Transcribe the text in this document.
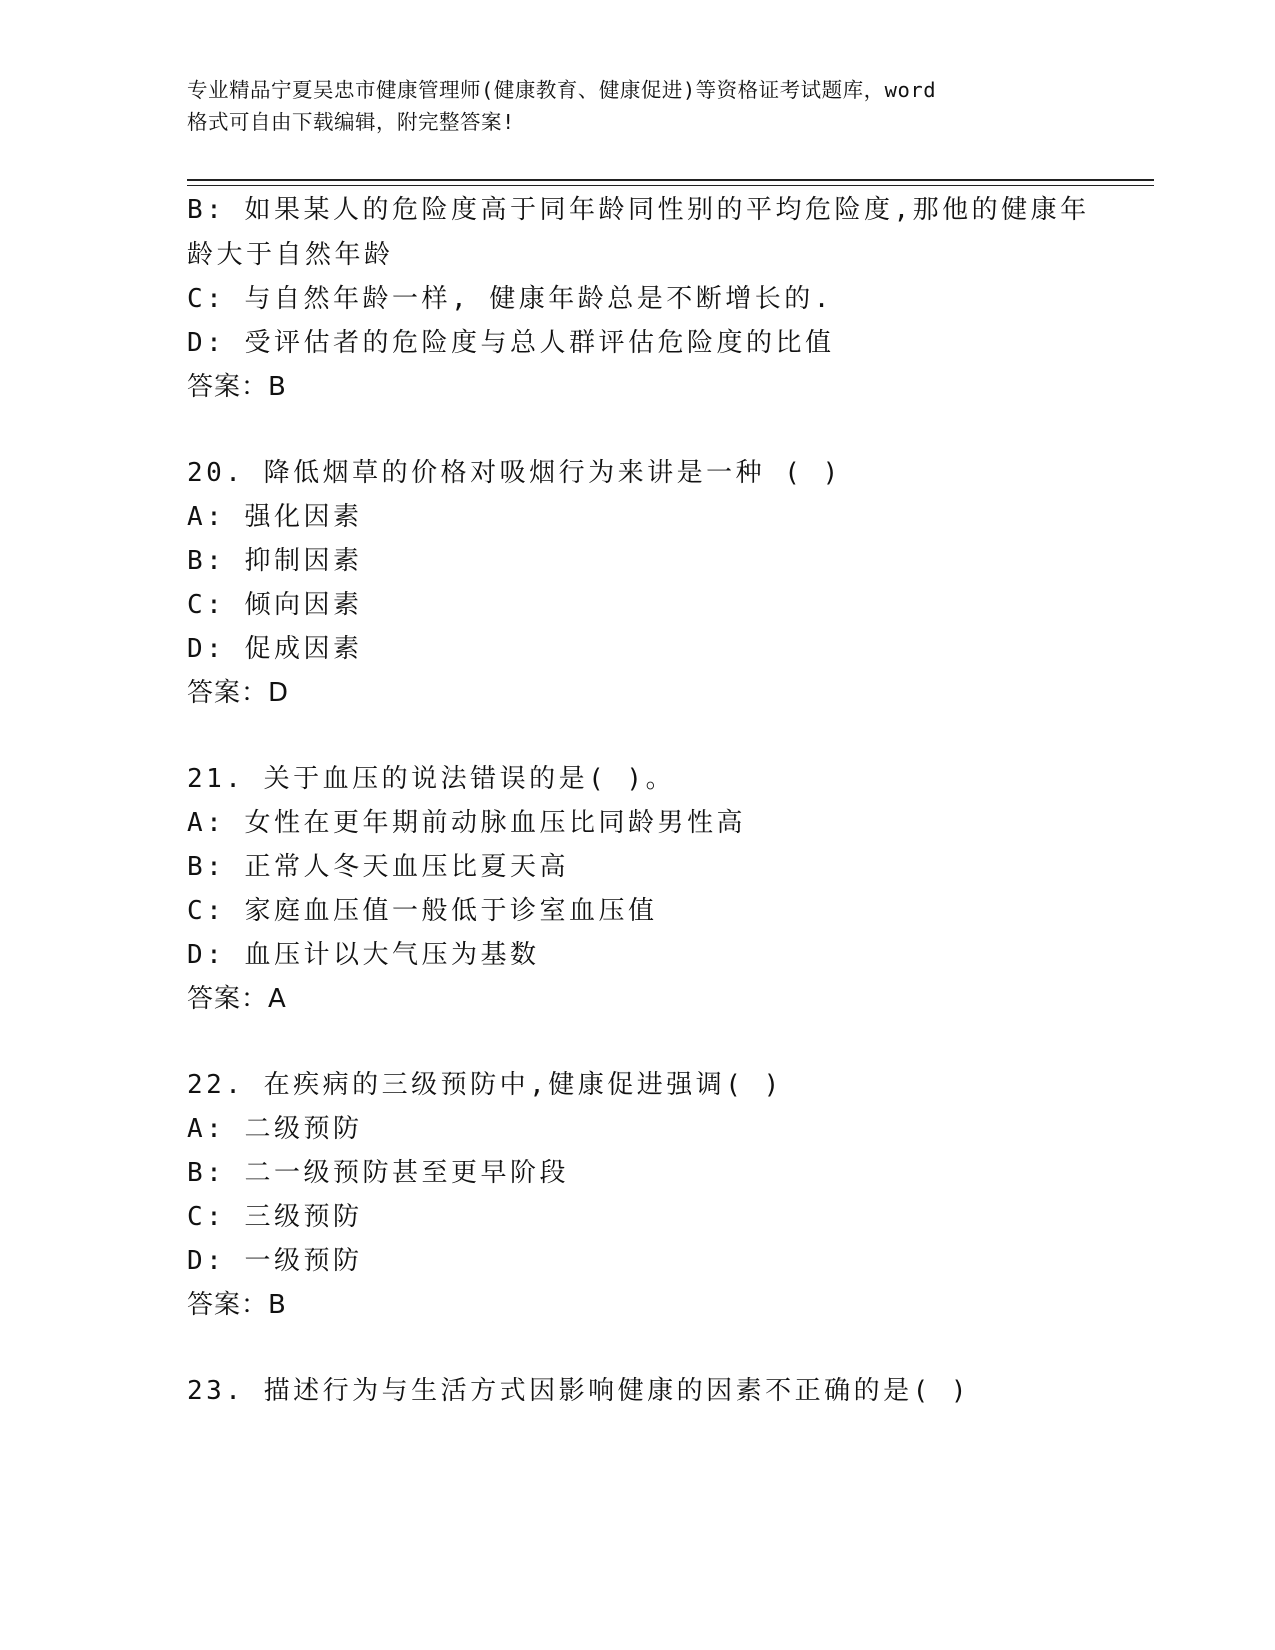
专业精品宁夏吴忠市健康管理师(健康教育、健康促进)等资格证考试题库，word
格式可自由下载编辑，附完整答案!
B: 如果某人的危险度高于同年龄同性别的平均危险度,那他的健康年
龄大于自然年龄
C: 与自然年龄一样, 健康年龄总是不断增长的.
D: 受评估者的危险度与总人群评估危险度的比值
答案：B
20. 降低烟草的价格对吸烟行为来讲是一种 ( )
A: 强化因素
B: 抑制因素
C: 倾向因素
D: 促成因素
答案：D
21. 关于血压的说法错误的是( )。
A: 女性在更年期前动脉血压比同龄男性高
B: 正常人冬天血压比夏天高
C: 家庭血压值一般低于诊室血压值
D: 血压计以大气压为基数
答案：A
22. 在疾病的三级预防中,健康促进强调( )
A: 二级预防
B: 二一级预防甚至更早阶段
C: 三级预防
D: 一级预防
答案：B
23. 描述行为与生活方式因影响健康的因素不正确的是( )
